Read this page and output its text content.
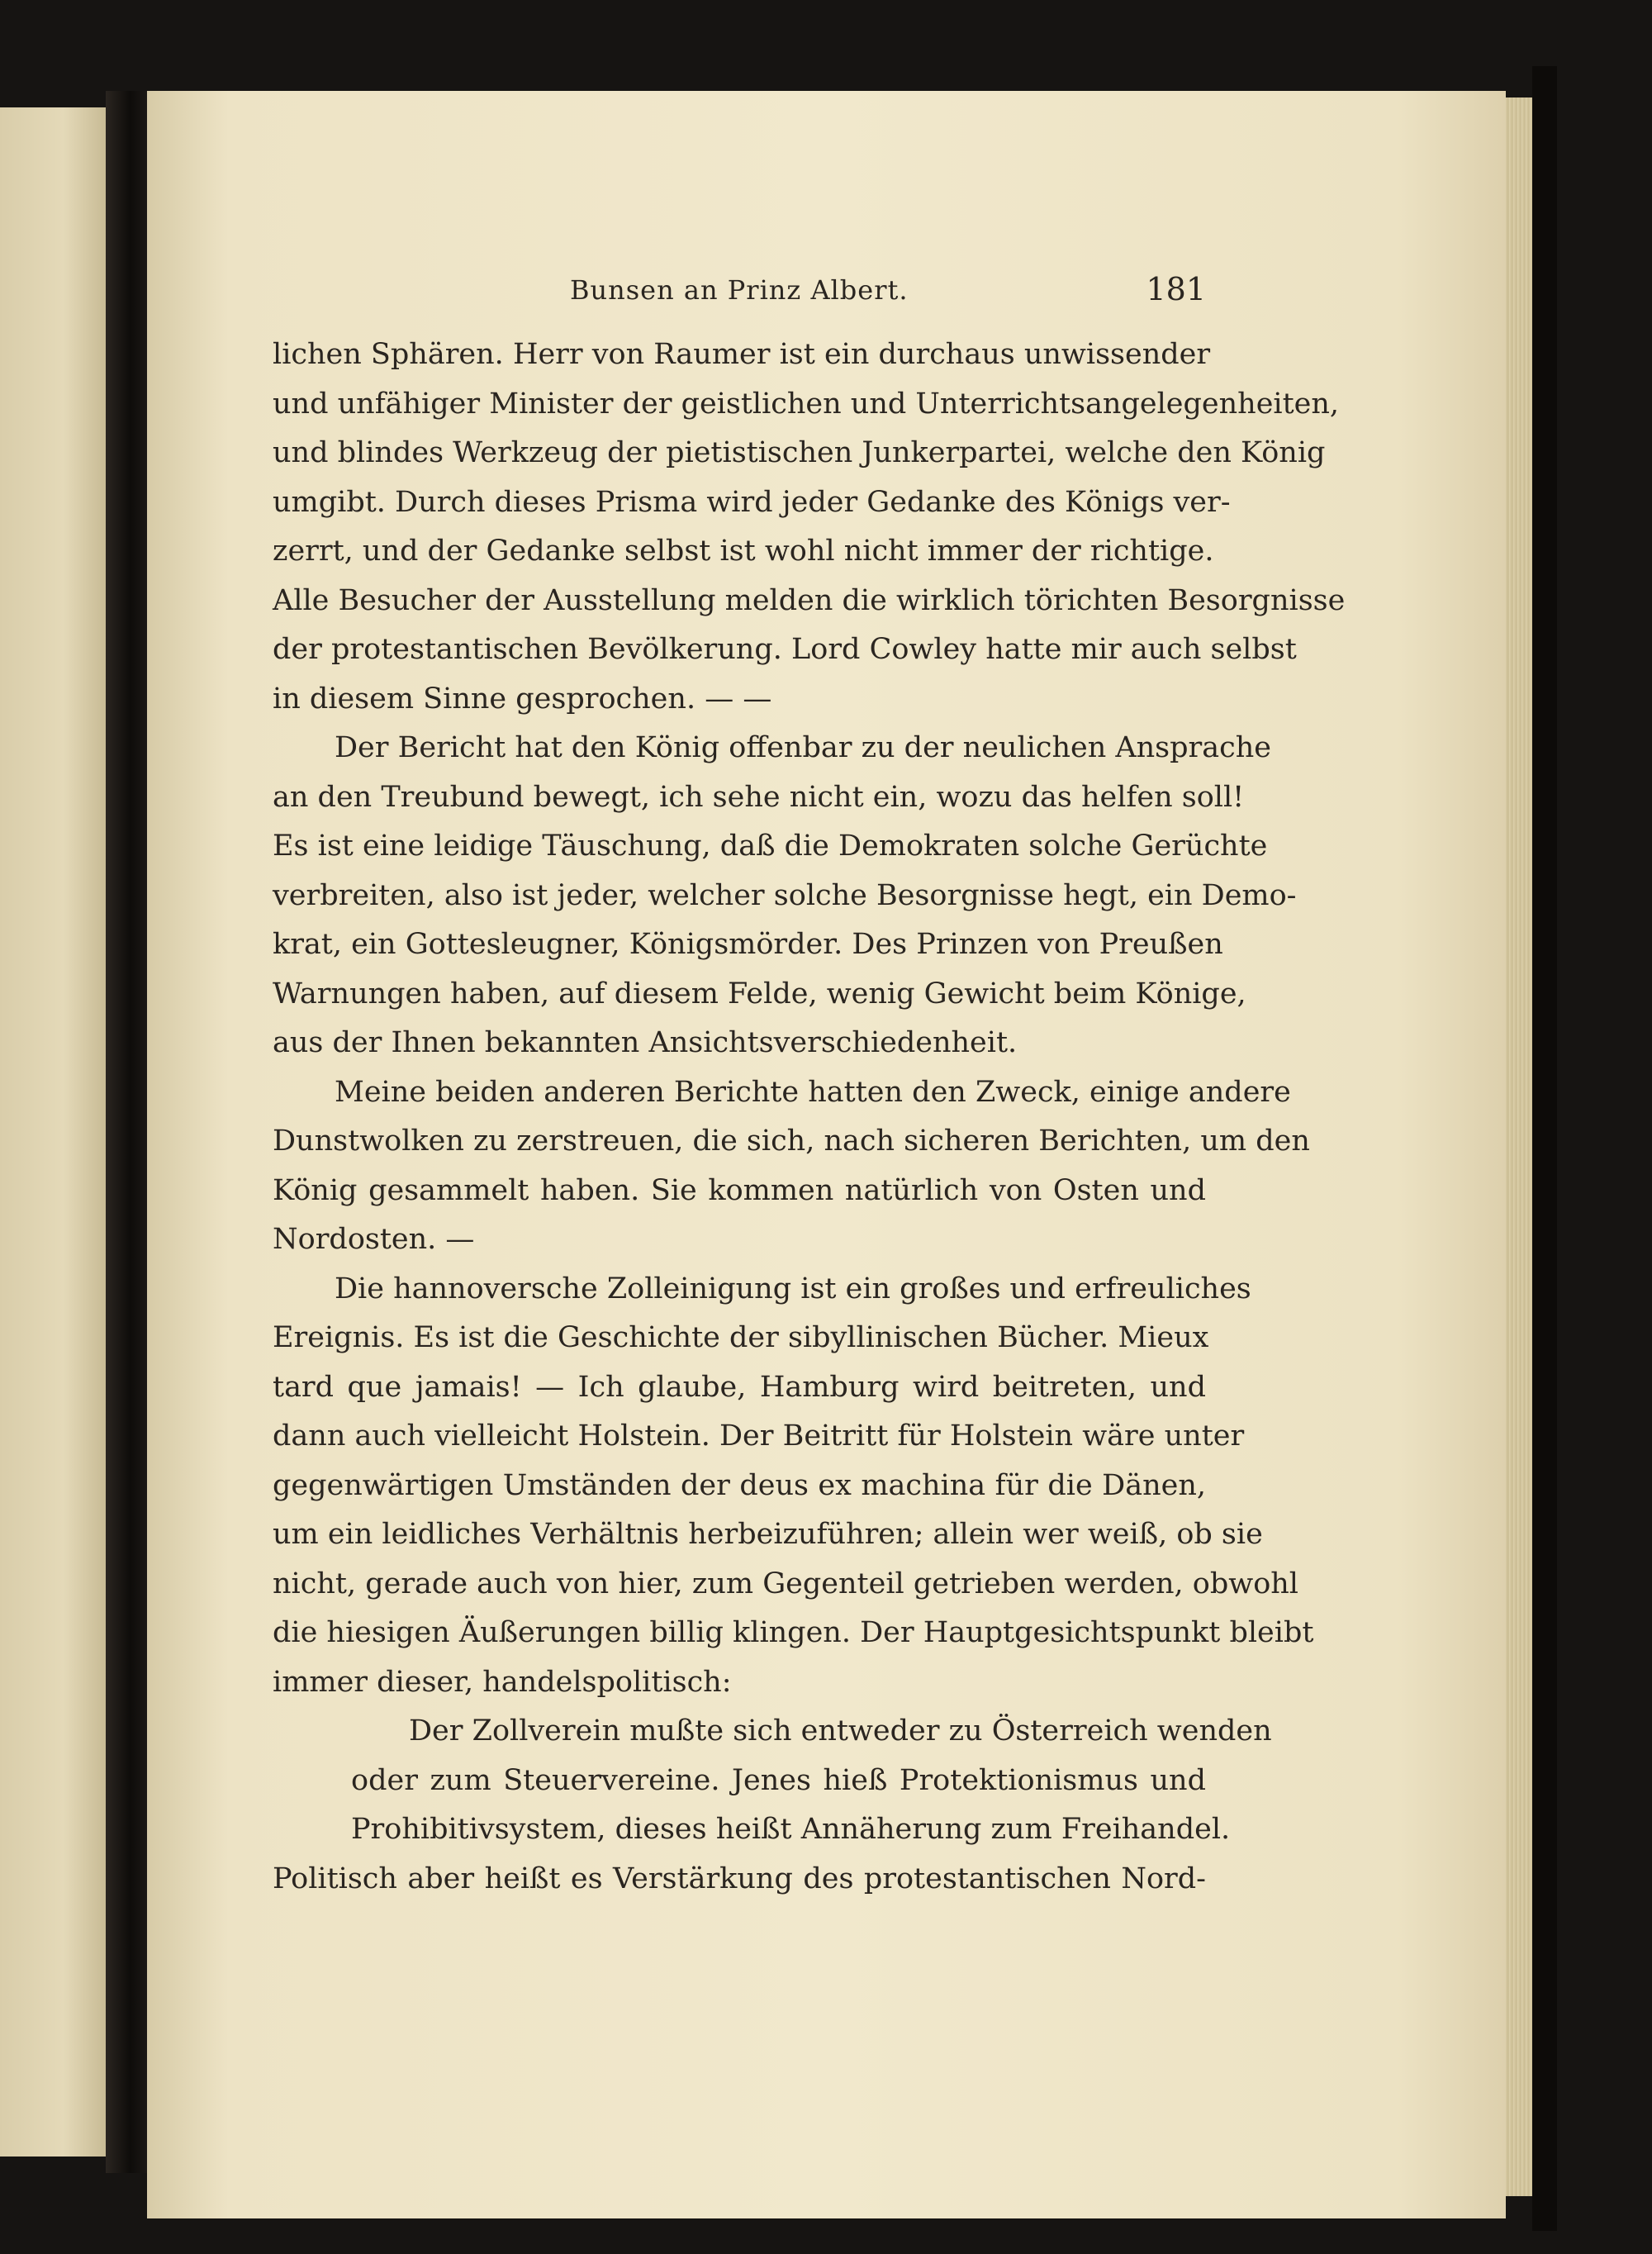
Bunsen an Prinz Albert.	181
lichen Sphären. Herr von Raumer ist ein durchaus unwissender
und unfähiger Minister der geistlichen und Unterrichtsangelegenheiten,
und blindes Werkzeug der pietistischen Junkerpartei, welche den König
umgibt. Durch dieses Prisma wird jeder Gedanke des Königs ver-
zerrt, und der Gedanke selbst ist wohl nicht immer der richtige.
Alle Besucher der Ausstellung melden die wirklich törichten Besorgnisse
der protestantischen Bevölkerung. Lord Cowley hatte mir auch selbst
in diesem Sinne gesprochen. — —
Der Bericht hat den König offenbar zu der neulichen Ansprache
an den Treubund bewegt, ich sehe nicht ein, wozu das helfen soll!
Es ist eine leidige Täuschung, daß die Demokraten solche Gerüchte
verbreiten, also ist jeder, welcher solche Besorgnisse hegt, ein Demo-
krat, ein Gottesleugner, Königsmörder. Des Prinzen von Preußen
Warnungen haben, auf diesem Felde, wenig Gewicht beim Könige,
aus der Ihnen bekannten Ansichtsverschiedenheit.
Meine beiden anderen Berichte hatten den Zweck, einige andere
Dunstwolken zu zerstreuen, die sich, nach sicheren Berichten, um den
König gesammelt haben. Sie kommen natürlich von Osten und
Nordosten. —
Die hannoversche Zolleinigung ist ein großes und erfreuliches
Ereignis. Es ist die Geschichte der sibyllinischen Bücher. Mieux
tard que jamais! — Ich glaube, Hamburg wird beitreten, und
dann auch vielleicht Holstein. Der Beitritt für Holstein wäre unter
gegenwärtigen Umständen der deus ex machina für die Dänen,
um ein leidliches Verhältnis herbeizuführen; allein wer weiß, ob sie
nicht, gerade auch von hier, zum Gegenteil getrieben werden, obwohl
die hiesigen Äußerungen billig klingen. Der Hauptgesichtspunkt bleibt
immer dieser, handelspolitisch:
Der Zollverein mußte sich entweder zu Österreich wenden
oder zum Steuervereine. Jenes hieß Protektionismus und
Prohibitivsystem, dieses heißt Annäherung zum Freihandel.
Politisch aber heißt es Verstärkung des protestantischen Nord-
